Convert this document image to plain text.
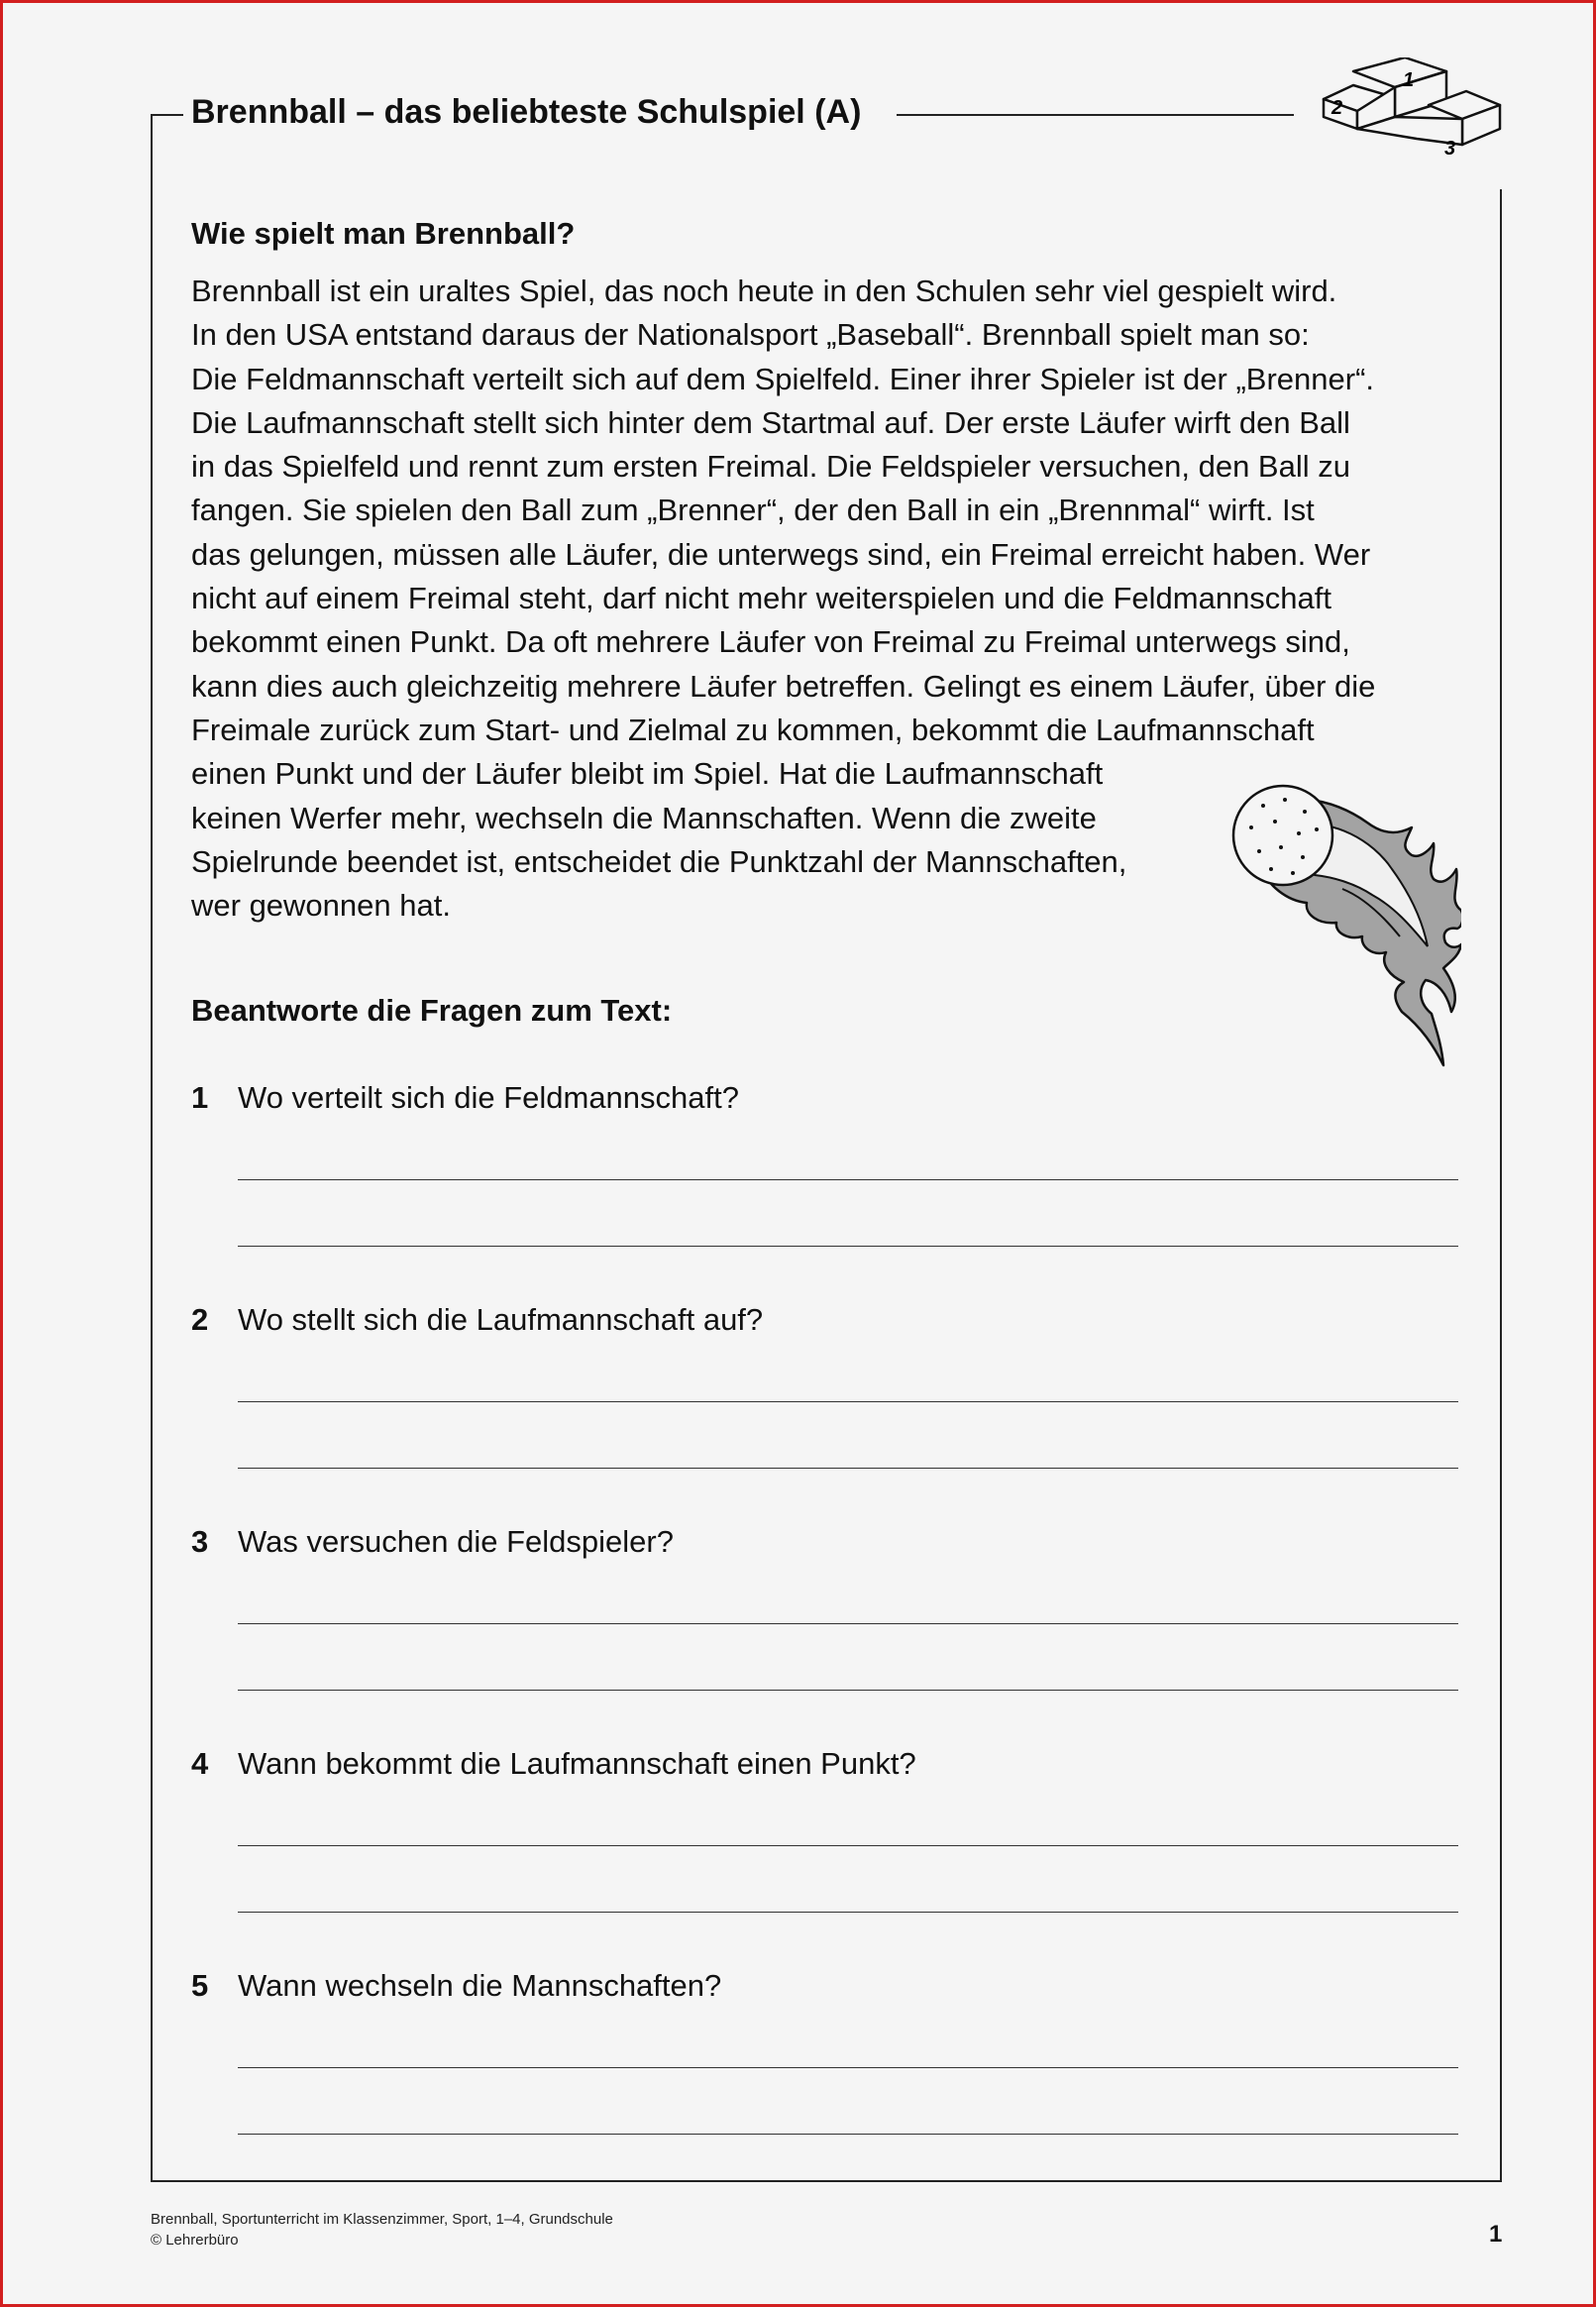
Brennball – das beliebteste Schulspiel (A)
1
2
3
Wie spielt man Brennball?
Brennball ist ein uraltes Spiel, das noch heute in den Schulen sehr viel gespielt wird.
In den USA entstand daraus der Nationalsport „Baseball“. Brennball spielt man so:
Die Feldmannschaft verteilt sich auf dem Spielfeld. Einer ihrer Spieler ist der „Brenner“.
Die Laufmannschaft stellt sich hinter dem Startmal auf. Der erste Läufer wirft den Ball
in das Spielfeld und rennt zum ersten Freimal. Die Feldspieler versuchen, den Ball zu
fangen. Sie spielen den Ball zum „Brenner“, der den Ball in ein „Brennmal“ wirft. Ist
das gelungen, müssen alle Läufer, die unterwegs sind, ein Freimal erreicht haben. Wer
nicht auf einem Freimal steht, darf nicht mehr weiterspielen und die Feldmannschaft
bekommt einen Punkt. Da oft mehrere Läufer von Freimal zu Freimal unterwegs sind,
kann dies auch gleichzeitig mehrere Läufer betreffen. Gelingt es einem Läufer, über die
Freimale zurück zum Start- und Zielmal zu kommen, bekommt die Laufmannschaft
einen Punkt und der Läufer bleibt im Spiel. Hat die Laufmannschaft
keinen Werfer mehr, wechseln die Mannschaften. Wenn die zweite
Spielrunde beendet ist, entscheidet die Punktzahl der Mannschaften,
wer gewonnen hat.
Beantworte die Fragen zum Text:
1 Wo verteilt sich die Feldmannschaft?
2 Wo stellt sich die Laufmannschaft auf?
3 Was versuchen die Feldspieler?
4 Wann bekommt die Laufmannschaft einen Punkt?
5 Wann wechseln die Mannschaften?
Brennball, Sportunterricht im Klassenzimmer, Sport, 1–4, Grundschule
© Lehrerbüro	1
